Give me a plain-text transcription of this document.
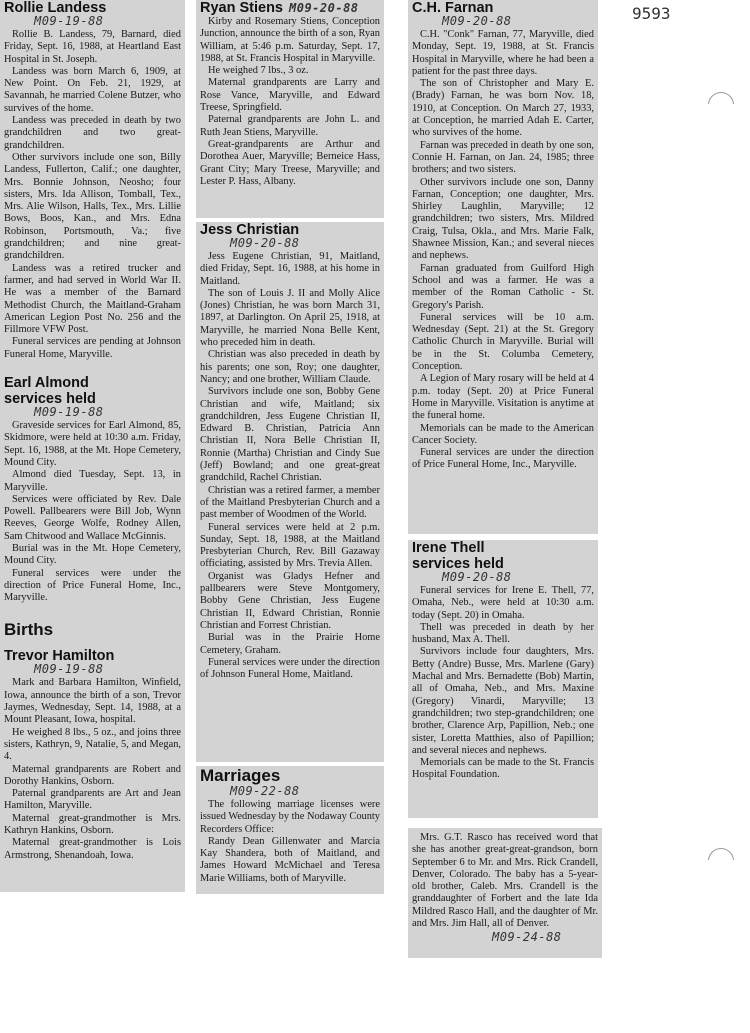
9593
Rollie Landess
M09-19-88

Rollie B. Landess, 79, Barnard, died Friday, Sept. 16, 1988, at Heartland East Hospital in St. Joseph.

Landess was born March 6, 1909, at New Point. On Feb. 21, 1929, at Savannah, he married Colene Butzer, who survives of the home.

Landess was preceded in death by two grandchildren and two great-grandchildren.

Other survivors include one son, Billy Landess, Fullerton, Calif.; one daughter, Mrs. Bonnie Johnson, Neosho; four sisters, Mrs. Ida Allison, Tomball, Tex., Mrs. Alie Wilson, Halls, Tex., Mrs. Lillie Bows, Boos, Kan., and Mrs. Edna Robinson, Portsmouth, Va.; five grandchildren; and nine great-grandchildren.

Landess was a retired trucker and farmer, and had served in World War II. He was a member of the Barnard Methodist Church, the Maitland-Graham American Legion Post No. 256 and the Fillmore VFW Post.

Funeral services are pending at Johnson Funeral Home, Maryville.

Earl Almond
services held
M09-19-88

Graveside services for Earl Almond, 85, Skidmore, were held at 10:30 a.m. Friday, Sept. 16, 1988, at the Mt. Hope Cemetery, Mound City.

Almond died Tuesday, Sept. 13, in Maryville.

Services were officiated by Rev. Dale Powell. Pallbearers were Bill Job, Wynn Reeves, George Wolfe, Rodney Allen, Sam Chitwood and Wallace McGinnis.

Burial was in the Mt. Hope Cemetery, Mound City.

Funeral services were under the direction of Price Funeral Home, Inc., Maryville.

Births
Trevor Hamilton
M09-19-88

Mark and Barbara Hamilton, Winfield, Iowa, announce the birth of a son, Trevor Jaymes, Wednesday, Sept. 14, 1988, at a Mount Pleasant, Iowa, hospital.

He weighed 8 lbs., 5 oz., and joins three sisters, Kathryn, 9, Natalie, 5, and Megan, 4.

Maternal grandparents are Robert and Dorothy Hankins, Osborn.

Paternal grandparents are Art and Jean Hamilton, Maryville.

Maternal great-grandmother is Mrs. Kathryn Hankins, Osborn.

Maternal great-grandmother is Lois Armstrong, Shenandoah, Iowa.

Ryan Stiens M09-20-88

Kirby and Rosemary Stiens, Conception Junction, announce the birth of a son, Ryan William, at 5:46 p.m. Saturday, Sept. 17, 1988, at St. Francis Hospital in Maryville.

He weighed 7 lbs., 3 oz.

Maternal grandparents are Larry and Rose Vance, Maryville, and Edward Treese, Springfield.

Paternal grandparents are John L. and Ruth Jean Stiens, Maryville.

Great-grandparents are Arthur and Dorothea Auer, Maryville; Berneice Hass, Grant City; Mary Treese, Maryville; and Lester P. Hass, Albany.

Jess Christian
M09-20-88

Jess Eugene Christian, 91, Maitland, died Friday, Sept. 16, 1988, at his home in Maitland.

The son of Louis J. II and Molly Alice (Jones) Christian, he was born March 31, 1897, at Darlington. On April 25, 1918, at Maryville, he married Nona Belle Kent, who preceded him in death.

Christian was also preceded in death by his parents; one son, Roy; one daughter, Nancy; and one brother, William Claude.

Survivors include one son, Bobby Gene Christian and wife, Maitland; six grandchildren, Jess Eugene Christian II, Edward B. Christian, Patricia Ann Christian II, Nora Belle Christian II, Ronnie (Martha) Christian and Cindy Sue (Jeff) Bowland; and one great-great grandchild, Rachel Christian.

Christian was a retired farmer, a member of the Maitland Presbyterian Church and a past member of Woodmen of the World.

Funeral services were held at 2 p.m. Sunday, Sept. 18, 1988, at the Maitland Presbyterian Church, Rev. Bill Gazaway officiating, assisted by Mrs. Trevia Allen.

Organist was Gladys Hefner and pallbearers were Steve Montgomery, Bobby Gene Christian, Jess Eugene Christian II, Edward Christian, Ronnie Christian and Forrest Christian.

Burial was in the Prairie Home Cemetery, Graham.

Funeral services were under the direction of Johnson Funeral Home, Maitland.

Marriages
M09-22-88

The following marriage licenses were issued Wednesday by the Nodaway County Recorders Office:

Randy Dean Gillenwater and Marcia Kay Shandera, both of Maitland, and James Howard McMichael and Teresa Marie Williams, both of Maryville.

C.H. Farnan
M09-20-88

C.H. "Conk" Farnan, 77, Maryville, died Monday, Sept. 19, 1988, at St. Francis Hospital in Maryville, where he had been a patient for the past three days.

The son of Christopher and Mary E. (Brady) Farnan, he was born Nov. 18, 1910, at Conception. On March 27, 1933, at Conception, he married Adah E. Carter, who survives of the home.

Farnan was preceded in death by one son, Connie H. Farnan, on Jan. 24, 1985; three brothers; and two sisters.

Other survivors include one son, Danny Farnan, Conception; one daughter, Mrs. Shirley Laughlin, Maryville; 12 grandchildren; two sisters, Mrs. Mildred Craig, Tulsa, Okla., and Mrs. Marie Falk, Shawnee Mission, Kan.; and several nieces and nephews.

Farnan graduated from Guilford High School and was a farmer. He was a member of the Roman Catholic - St. Gregory's Parish.

Funeral services will be 10 a.m. Wednesday (Sept. 21) at the St. Gregory Catholic Church in Maryville. Burial will be in the St. Columba Cemetery, Conception.

A Legion of Mary rosary will be held at 4 p.m. today (Sept. 20) at Price Funeral Home in Maryville. Visitation is anytime at the funeral home.

Memorials can be made to the American Cancer Society.

Funeral services are under the direction of Price Funeral Home, Inc., Maryville.

Irene Thell
services held
M09-20-88

Funeral services for Irene E. Thell, 77, Omaha, Neb., were held at 10:30 a.m. today (Sept. 20) in Omaha.

Thell was preceded in death by her husband, Max A. Thell.

Survivors include four daughters, Mrs. Betty (Andre) Busse, Mrs. Marlene (Gary) Machal and Mrs. Bernadette (Bob) Martin, all of Omaha, Neb., and Mrs. Maxine (Gregory) Vinardi, Maryville; 13 grandchildren; two step-grandchildren; one brother, Clarence Arp, Papillion, Neb.; one sister, Loretta Matthies, also of Papillion; and several nieces and nephews.

Memorials can be made to the St. Francis Hospital Foundation.

Mrs. G.T. Rasco has received word that she has another great-great-grandson, born September 6 to Mr. and Mrs. Rick Crandell, Denver, Colorado. The baby has a 5-year-old brother, Caleb. Mrs. Crandell is the granddaughter of Forbert and the late Ida Mildred Rasco Hall, and the daughter of Mr. and Mrs. Jim Hall, all of Denver.

M09-24-88
